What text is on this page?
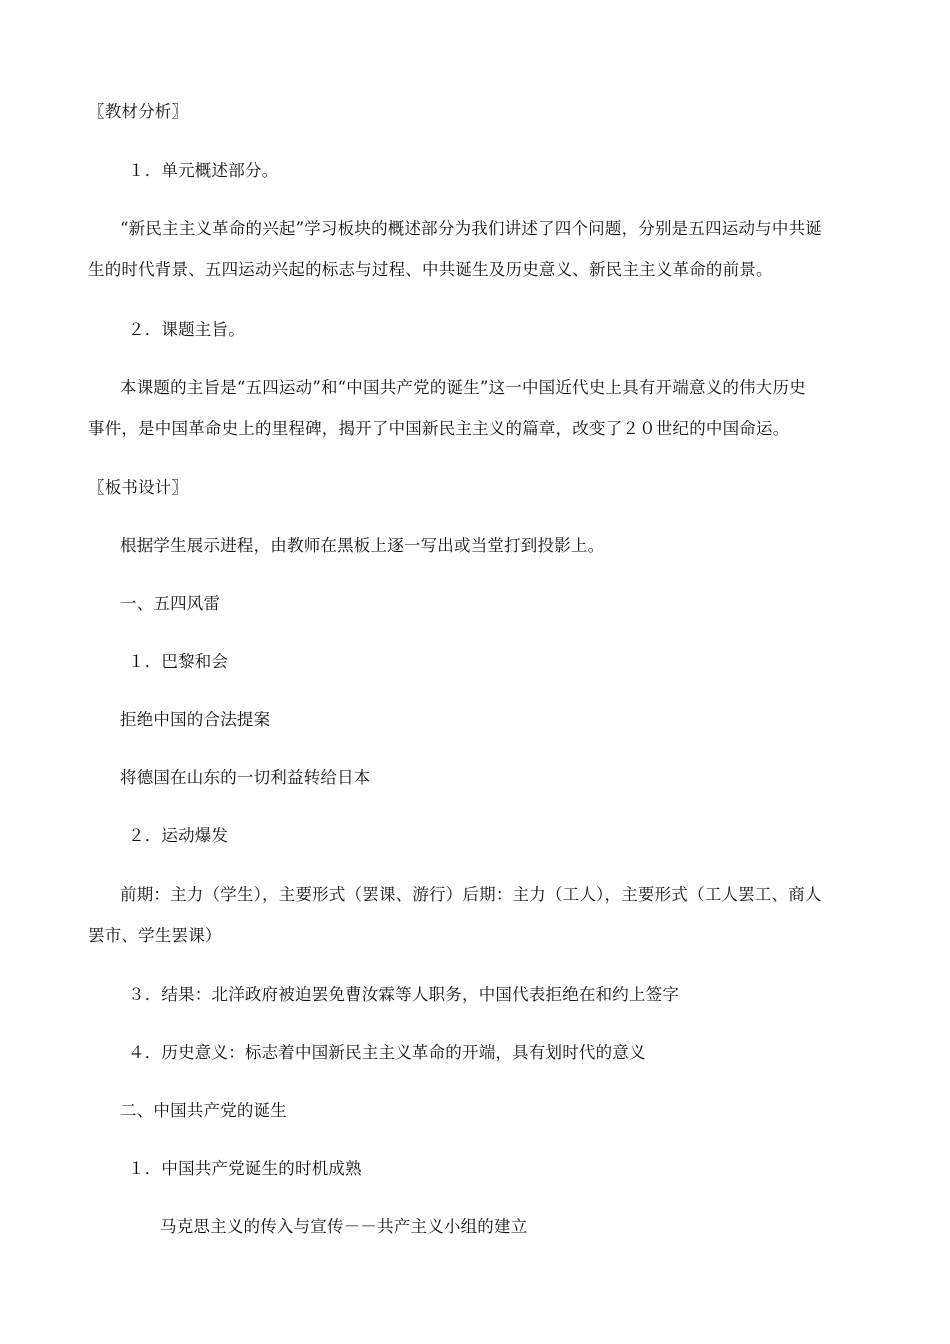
〖教材分析〗
１．单元概述部分。
“新民主主义革命的兴起”学习板块的概述部分为我们讲述了四个问题，分别是五四运动与中共诞
生的时代背景、五四运动兴起的标志与过程、中共诞生及历史意义、新民主主义革命的前景。
２．课题主旨。
本课题的主旨是“五四运动”和“中国共产党的诞生”这一中国近代史上具有开端意义的伟大历史
事件，是中国革命史上的里程碑，揭开了中国新民主主义的篇章，改变了２０世纪的中国命运。
〖板书设计〗
根据学生展示进程，由教师在黑板上逐一写出或当堂打到投影上。
一、五四风雷
１．巴黎和会
拒绝中国的合法提案
将德国在山东的一切利益转给日本
２．运动爆发
前期：主力（学生），主要形式（罢课、游行）后期：主力（工人），主要形式（工人罢工、商人
罢市、学生罢课）
３．结果：北洋政府被迫罢免曹汝霖等人职务，中国代表拒绝在和约上签字
４．历史意义：标志着中国新民主主义革命的开端，具有划时代的意义
二、中国共产党的诞生
１．中国共产党诞生的时机成熟
马克思主义的传入与宣传－－共产主义小组的建立
